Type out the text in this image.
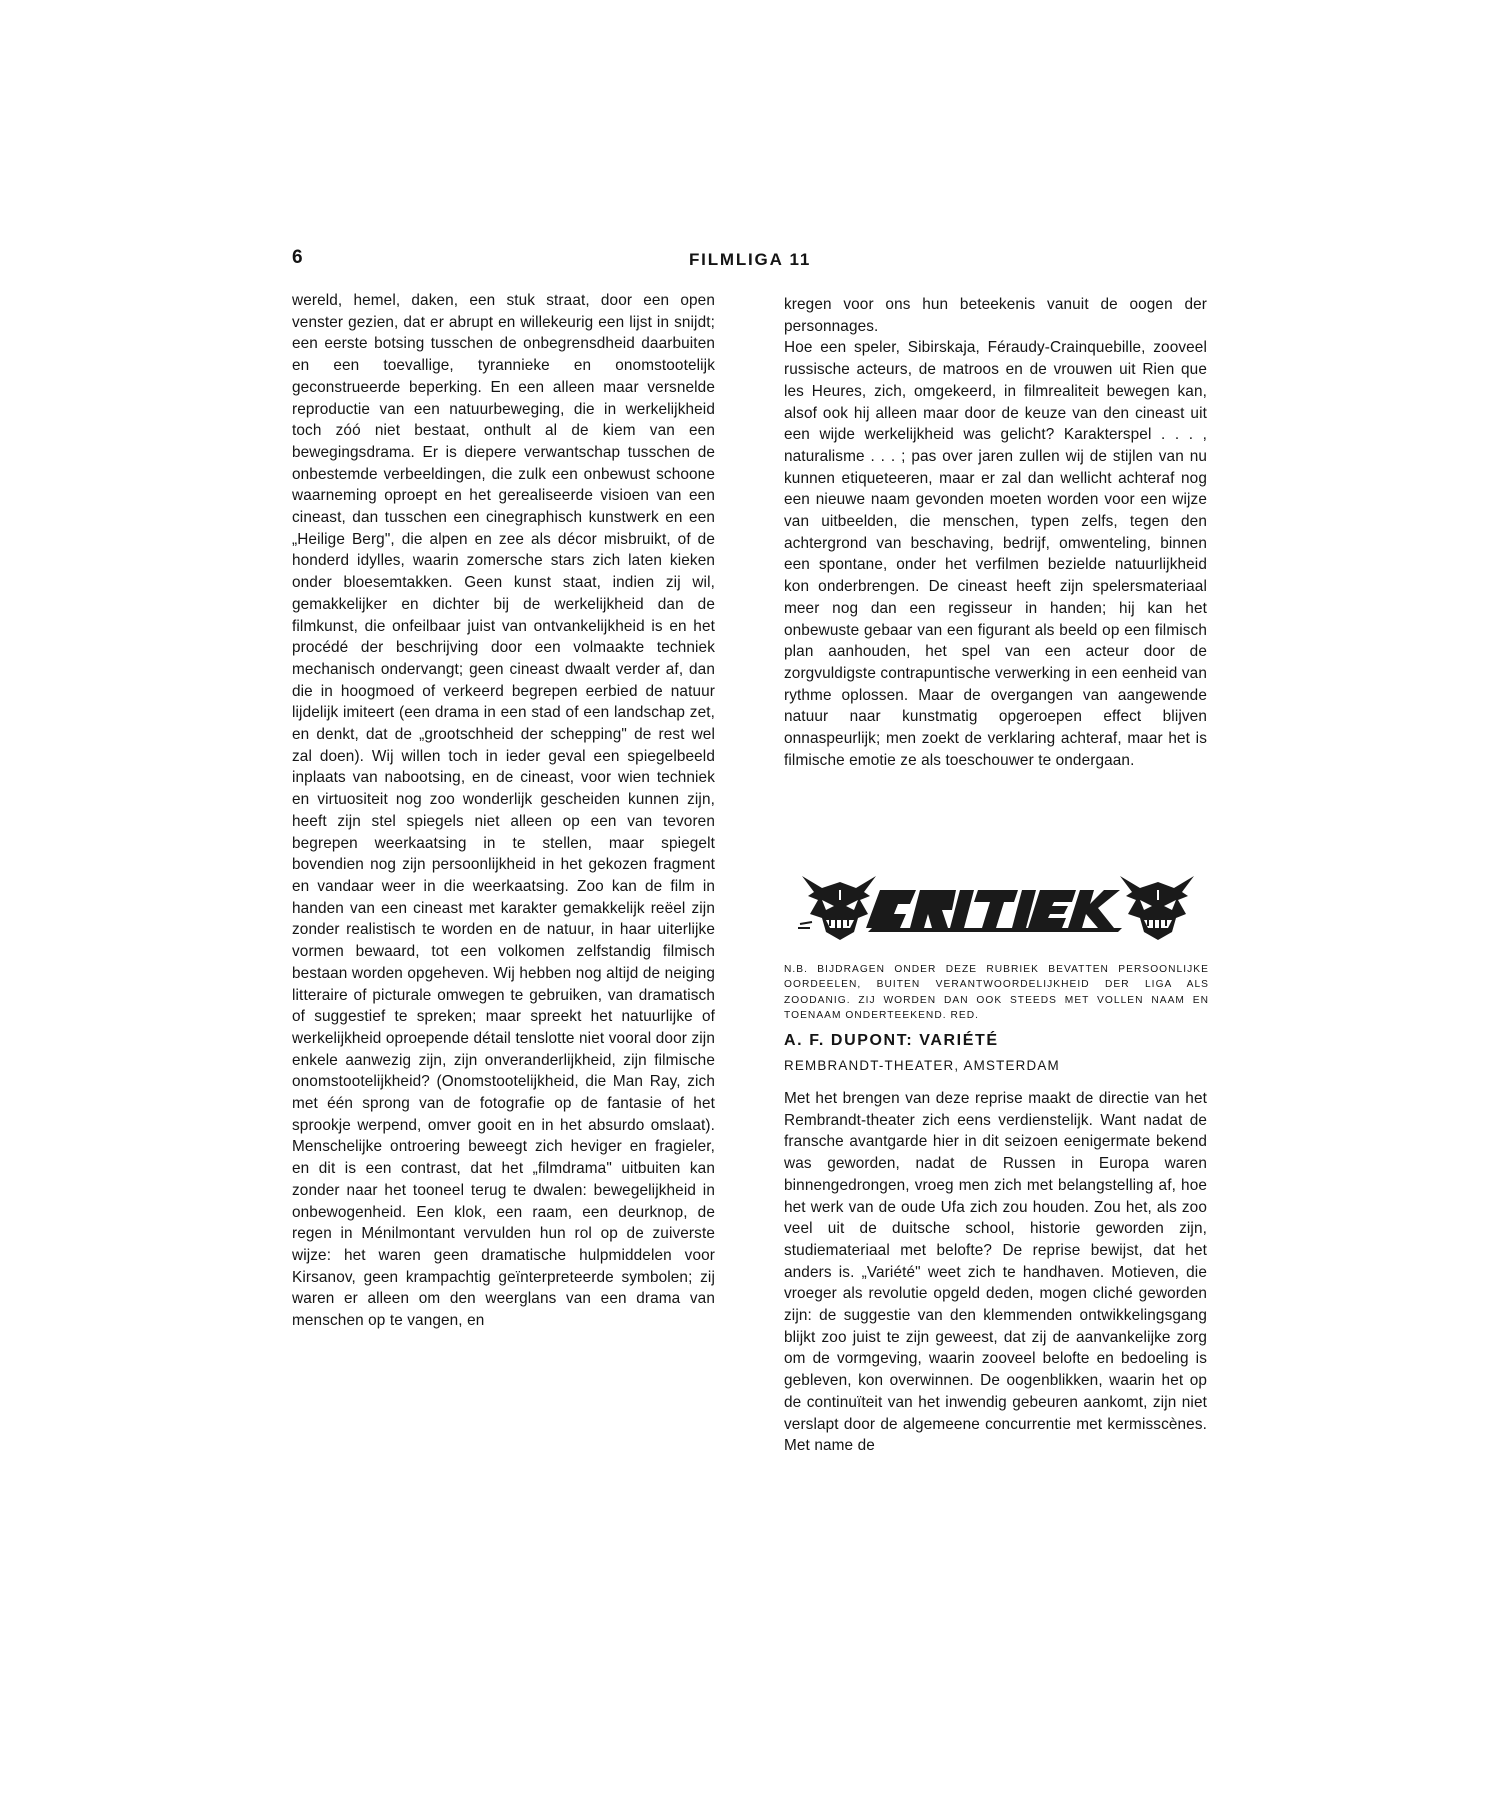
6	FILMLIGA 11

wereld, hemel, daken, een stuk straat, door een open venster gezien, dat er abrupt en willekeurig een lijst in snijdt; een eerste botsing tusschen de onbegrensdheid daarbuiten en een toevallige, tyrannieke en onomstootelijk geconstrueerde beperking. En een alleen maar versnelde reproductie van een natuurbeweging, die in werkelijkheid toch zóó niet bestaat, onthult al de kiem van een bewegingsdrama. Er is diepere verwantschap tusschen de onbestemde verbeeldingen, die zulk een onbewust schoone waarneming oproept en het gerealiseerde visioen van een cineast, dan tusschen een cinegraphisch kunstwerk en een „Heilige Berg", die alpen en zee als décor misbruikt, of de honderd idylles, waarin zomersche stars zich laten kieken onder bloesemtakken. Geen kunst staat, indien zij wil, gemakkelijker en dichter bij de werkelijkheid dan de filmkunst, die onfeilbaar juist van ontvankelijkheid is en het procédé der beschrijving door een volmaakte techniek mechanisch ondervangt; geen cineast dwaalt verder af, dan die in hoogmoed of verkeerd begrepen eerbied de natuur lijdelijk imiteert (een drama in een stad of een landschap zet, en denkt, dat de „grootschheid der schepping" de rest wel zal doen). Wij willen toch in ieder geval een spiegelbeeld inplaats van nabootsing, en de cineast, voor wien techniek en virtuositeit nog zoo wonderlijk gescheiden kunnen zijn, heeft zijn stel spiegels niet alleen op een van tevoren begrepen weerkaatsing in te stellen, maar spiegelt bovendien nog zijn persoonlijkheid in het gekozen fragment en vandaar weer in die weerkaatsing. Zoo kan de film in handen van een cineast met karakter gemakkelijk reëel zijn zonder realistisch te worden en de natuur, in haar uiterlijke vormen bewaard, tot een volkomen zelfstandig filmisch bestaan worden opgeheven. Wij hebben nog altijd de neiging litteraire of picturale omwegen te gebruiken, van dramatisch of suggestief te spreken; maar spreekt het natuurlijke of werkelijkheid oproepende détail tenslotte niet vooral door zijn enkele aanwezig zijn, zijn onveranderlijkheid, zijn filmische onomstootelijkheid? (Onomstootelijkheid, die Man Ray, zich met één sprong van de fotografie op de fantasie of het sprookje werpend, omver gooit en in het absurdo omslaat). Menschelijke ontroering beweegt zich heviger en fragieler, en dit is een contrast, dat het „filmdrama" uitbuiten kan zonder naar het tooneel terug te dwalen: bewegelijkheid in onbewogenheid. Een klok, een raam, een deurknop, de regen in Ménilmontant vervulden hun rol op de zuiverste wijze: het waren geen dramatische hulpmiddelen voor Kirsanov, geen krampachtig geïnterpreteerde symbolen; zij waren er alleen om den weerglans van een drama van menschen op te vangen, en

kregen voor ons hun beteekenis vanuit de oogen der personnages.

Hoe een speler, Sibirskaja, Féraudy-Crainquebille, zooveel russische acteurs, de matroos en de vrouwen uit Rien que les Heures, zich, omgekeerd, in filmrealiteit bewegen kan, alsof ook hij alleen maar door de keuze van den cineast uit een wijde werkelijkheid was gelicht? Karakterspel . . . , naturalisme . . . ; pas over jaren zullen wij de stijlen van nu kunnen etiqueteeren, maar er zal dan wellicht achteraf nog een nieuwe naam gevonden moeten worden voor een wijze van uitbeelden, die menschen, typen zelfs, tegen den achtergrond van beschaving, bedrijf, omwenteling, binnen een spontane, onder het verfilmen bezielde natuurlijkheid kon onderbrengen. De cineast heeft zijn spelersmateriaal meer nog dan een regisseur in handen; hij kan het onbewuste gebaar van een figurant als beeld op een filmisch plan aanhouden, het spel van een acteur door de zorgvuldigste contrapuntische verwerking in een eenheid van rythme oplossen. Maar de overgangen van aangewende natuur naar kunstmatig opgeroepen effect blijven onnaspeurlijk; men zoekt de verklaring achteraf, maar het is filmische emotie ze als toeschouwer te ondergaan.

N.B. BIJDRAGEN ONDER DEZE RUBRIEK BEVATTEN PERSOONLIJKE OORDEELEN, BUITEN VERANTWOORDELIJKHEID DER LIGA ALS ZOODANIG. ZIJ WORDEN DAN OOK STEEDS MET VOLLEN NAAM EN TOENAAM ONDERTEEKEND. RED.
A. F. DUPONT: VARIÉTÉ
REMBRANDT-THEATER, AMSTERDAM

Met het brengen van deze reprise maakt de directie van het Rembrandt-theater zich eens verdienstelijk. Want nadat de fransche avantgarde hier in dit seizoen eenigermate bekend was geworden, nadat de Russen in Europa waren binnengedrongen, vroeg men zich met belangstelling af, hoe het werk van de oude Ufa zich zou houden. Zou het, als zoo veel uit de duitsche school, historie geworden zijn, studiemateriaal met belofte? De reprise bewijst, dat het anders is. „Variété" weet zich te handhaven. Motieven, die vroeger als revolutie opgeld deden, mogen cliché geworden zijn: de suggestie van den klemmenden ontwikkelingsgang blijkt zoo juist te zijn geweest, dat zij de aanvankelijke zorg om de vormgeving, waarin zooveel belofte en bedoeling is gebleven, kon overwinnen. De oogenblikken, waarin het op de continuïteit van het inwendig gebeuren aankomt, zijn niet verslapt door de algemeene concurrentie met kermisscènes. Met name de
